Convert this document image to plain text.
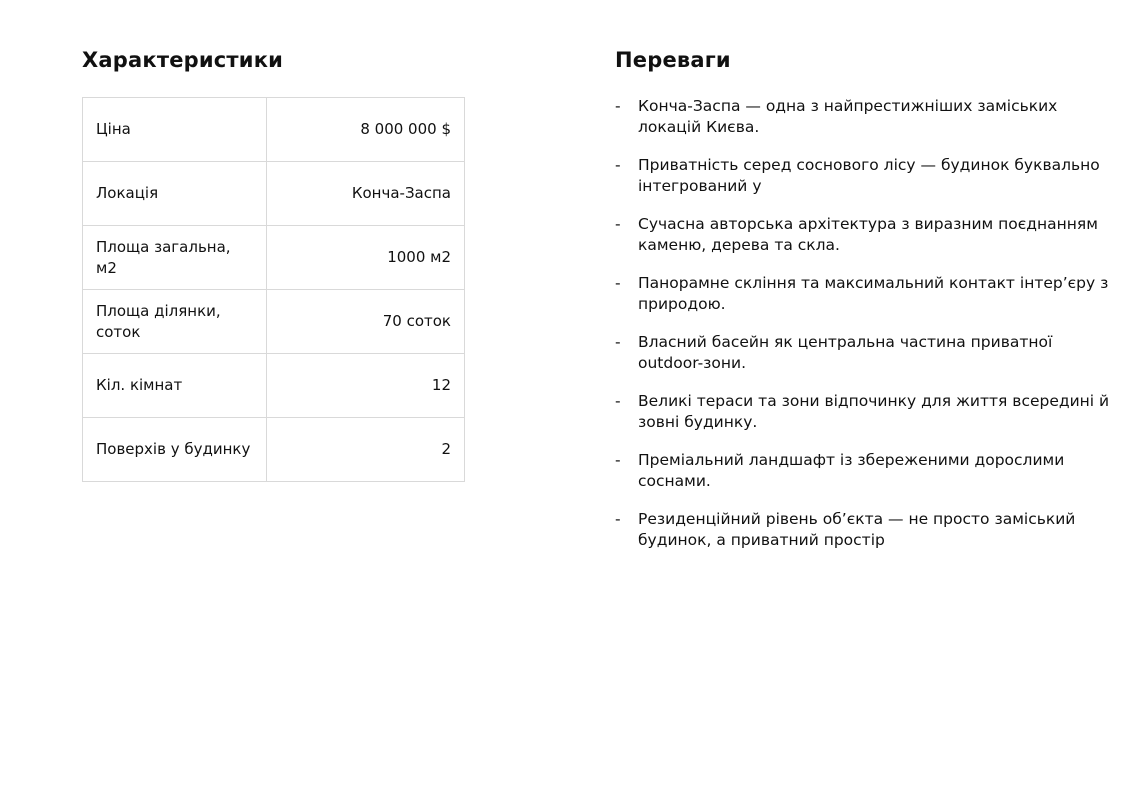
Характеристики
Ціна	8 000 000 $
Локація	Конча-Заспа
Площа загальна, м2	1000 м2
Площа ділянки, соток	70 соток
Кіл. кімнат	12
Поверхів у будинку	2
Переваги
- Конча-Заспа — одна з найпрестижніших заміських локацій Києва.
- Приватність серед соснового лісу — будинок буквально інтегрований у
- Сучасна авторська архітектура з виразним поєднанням каменю, дерева та скла.
- Панорамне скління та максимальний контакт інтер’єру з природою.
- Власний басейн як центральна частина приватної outdoor-зони.
- Великі тераси та зони відпочинку для життя всередині й зовні будинку.
- Преміальний ландшафт із збереженими дорослими соснами.
- Резиденційний рівень об’єкта — не просто заміський будинок, а приватний простір
